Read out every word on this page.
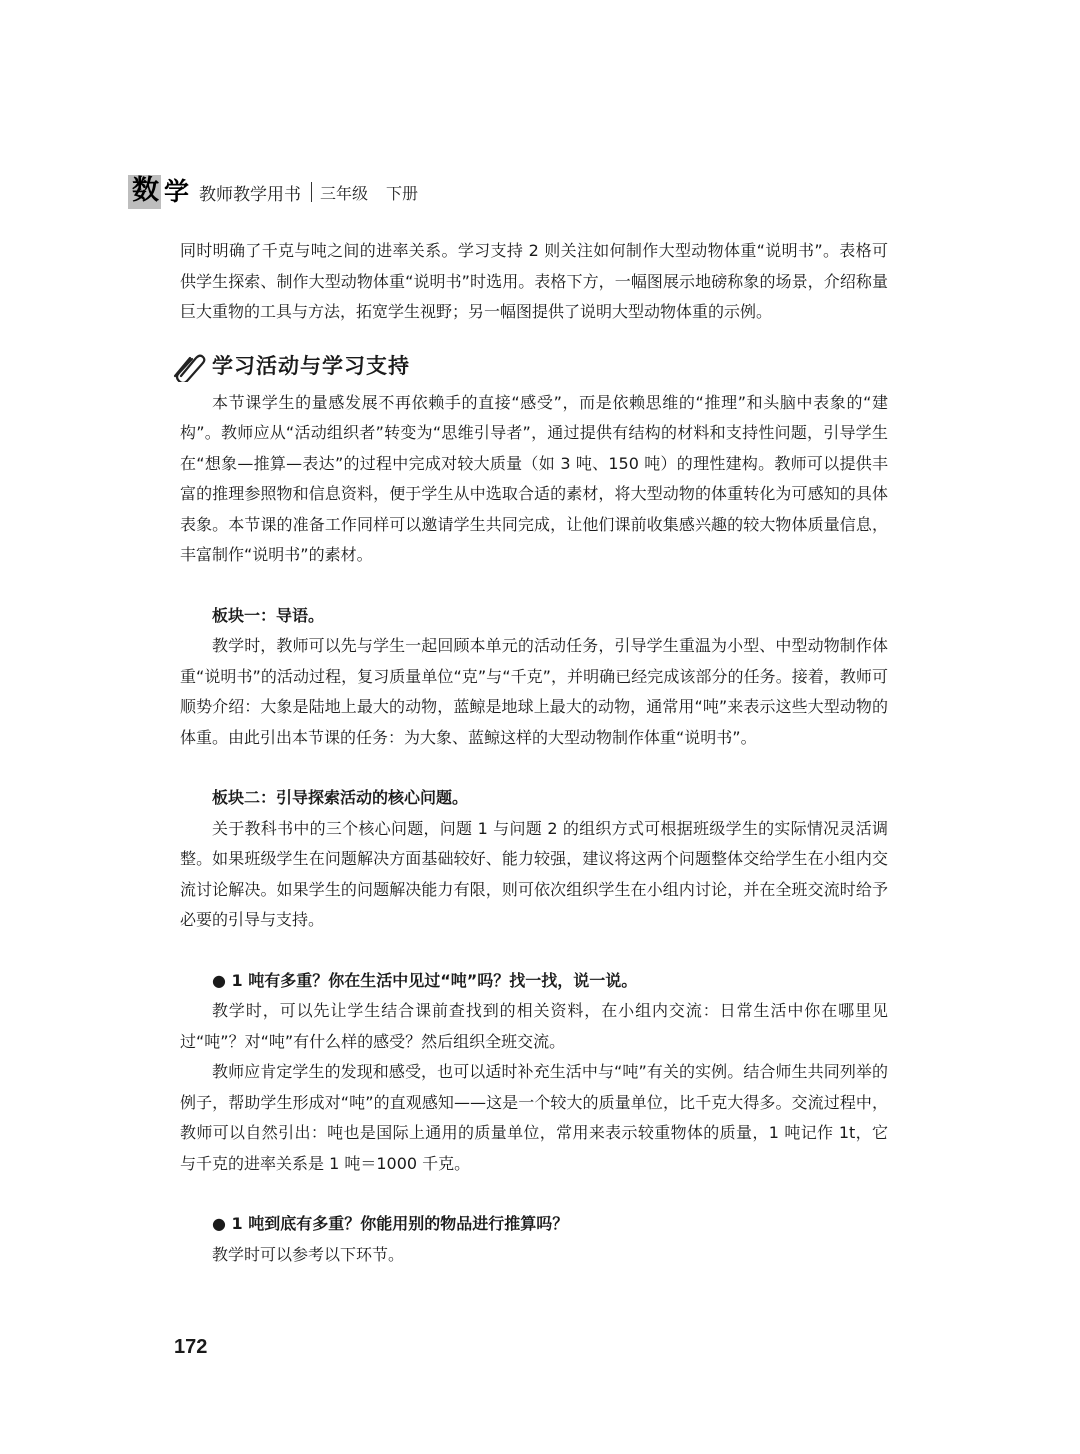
数 学 教师教学用书 三年级 下册

同时明确了千克与吨之间的进率关系。学习支持 2 则关注如何制作大型动物体重“说明书”。表格可供学生探索、制作大型动物体重“说明书”时选用。表格下方，一幅图展示地磅称象的场景，介绍称量巨大重物的工具与方法，拓宽学生视野；另一幅图提供了说明大型动物体重的示例。

学习活动与学习支持

本节课学生的量感发展不再依赖手的直接“感受”，而是依赖思维的“推理”和头脑中表象的“建构”。教师应从“活动组织者”转变为“思维引导者”，通过提供有结构的材料和支持性问题，引导学生在“想象—推算—表达”的过程中完成对较大质量（如 3 吨、150 吨）的理性建构。教师可以提供丰富的推理参照物和信息资料，便于学生从中选取合适的素材，将大型动物的体重转化为可感知的具体表象。本节课的准备工作同样可以邀请学生共同完成，让他们课前收集感兴趣的较大物体质量信息，丰富制作“说明书”的素材。

板块一：导语。

教学时，教师可以先与学生一起回顾本单元的活动任务，引导学生重温为小型、中型动物制作体重“说明书”的活动过程，复习质量单位“克”与“千克”，并明确已经完成该部分的任务。接着，教师可顺势介绍：大象是陆地上最大的动物，蓝鲸是地球上最大的动物，通常用“吨”来表示这些大型动物的体重。由此引出本节课的任务：为大象、蓝鲸这样的大型动物制作体重“说明书”。

板块二：引导探索活动的核心问题。

关于教科书中的三个核心问题，问题 1 与问题 2 的组织方式可根据班级学生的实际情况灵活调整。如果班级学生在问题解决方面基础较好、能力较强，建议将这两个问题整体交给学生在小组内交流讨论解决。如果学生的问题解决能力有限，则可依次组织学生在小组内讨论，并在全班交流时给予必要的引导与支持。

● 1 吨有多重？你在生活中见过“吨”吗？找一找，说一说。

教学时，可以先让学生结合课前查找到的相关资料，在小组内交流：日常生活中你在哪里见过“吨”？对“吨”有什么样的感受？然后组织全班交流。

教师应肯定学生的发现和感受，也可以适时补充生活中与“吨”有关的实例。结合师生共同列举的例子，帮助学生形成对“吨”的直观感知——这是一个较大的质量单位，比千克大得多。交流过程中，教师可以自然引出：吨也是国际上通用的质量单位，常用来表示较重物体的质量，1 吨记作 1t，它与千克的进率关系是 1 吨＝1000 千克。

● 1 吨到底有多重？你能用别的物品进行推算吗？

教学时可以参考以下环节。

172
